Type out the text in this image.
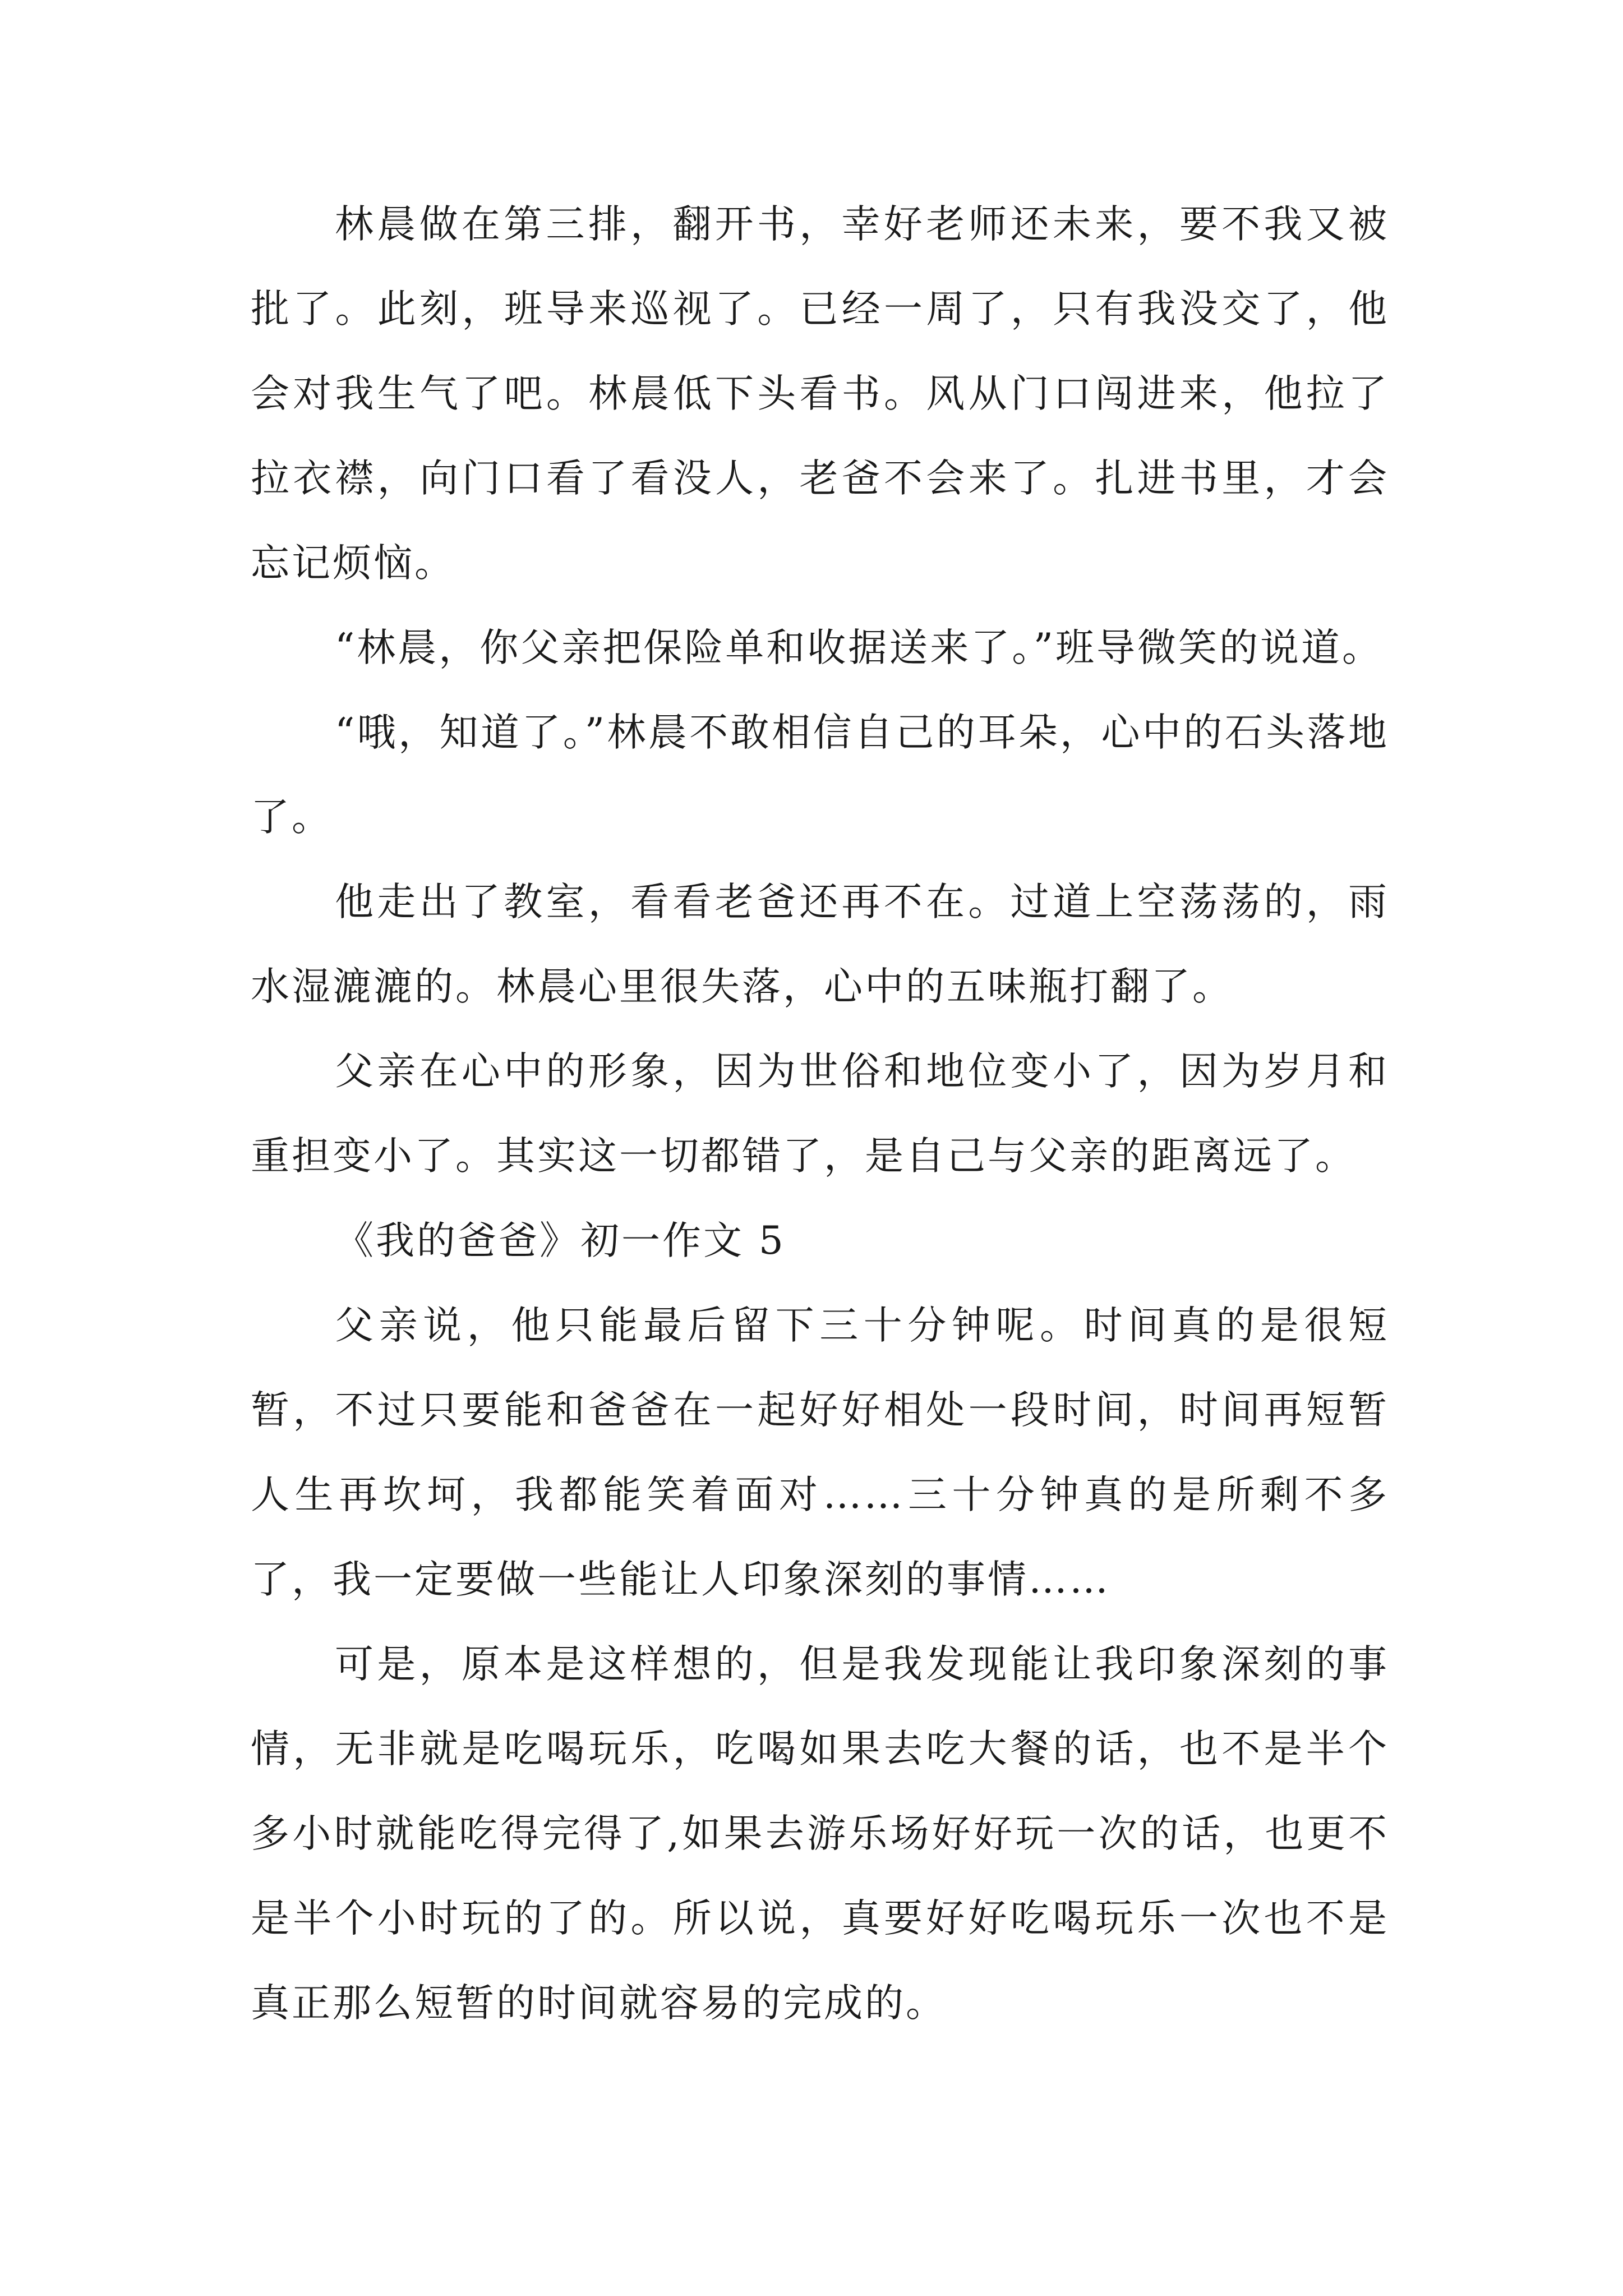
林晨做在第三排，翻开书，幸好老师还未来，要不我又被批了。此刻，班导来巡视了。已经一周了，只有我没交了，他会对我生气了吧。林晨低下头看书。风从门口闯进来，他拉了拉衣襟，向门口看了看没人，老爸不会来了。扎进书里，才会忘记烦恼。

“林晨，你父亲把保险单和收据送来了。”班导微笑的说道。

“哦，知道了。”林晨不敢相信自己的耳朵，心中的石头落地了。

他走出了教室，看看老爸还再不在。过道上空荡荡的，雨水湿漉漉的。林晨心里很失落，心中的五味瓶打翻了。

父亲在心中的形象，因为世俗和地位变小了，因为岁月和重担变小了。其实这一切都错了，是自己与父亲的距离远了。

《我的爸爸》初一作文 5

父亲说，他只能最后留下三十分钟呢。时间真的是很短暂，不过只要能和爸爸在一起好好相处一段时间，时间再短暂人生再坎坷，我都能笑着面对……三十分钟真的是所剩不多了，我一定要做一些能让人印象深刻的事情……

可是，原本是这样想的，但是我发现能让我印象深刻的事情，无非就是吃喝玩乐，吃喝如果去吃大餐的话，也不是半个多小时就能吃得完得了,如果去游乐场好好玩一次的话，也更不是半个小时玩的了的。所以说，真要好好吃喝玩乐一次也不是真正那么短暂的时间就容易的完成的。
